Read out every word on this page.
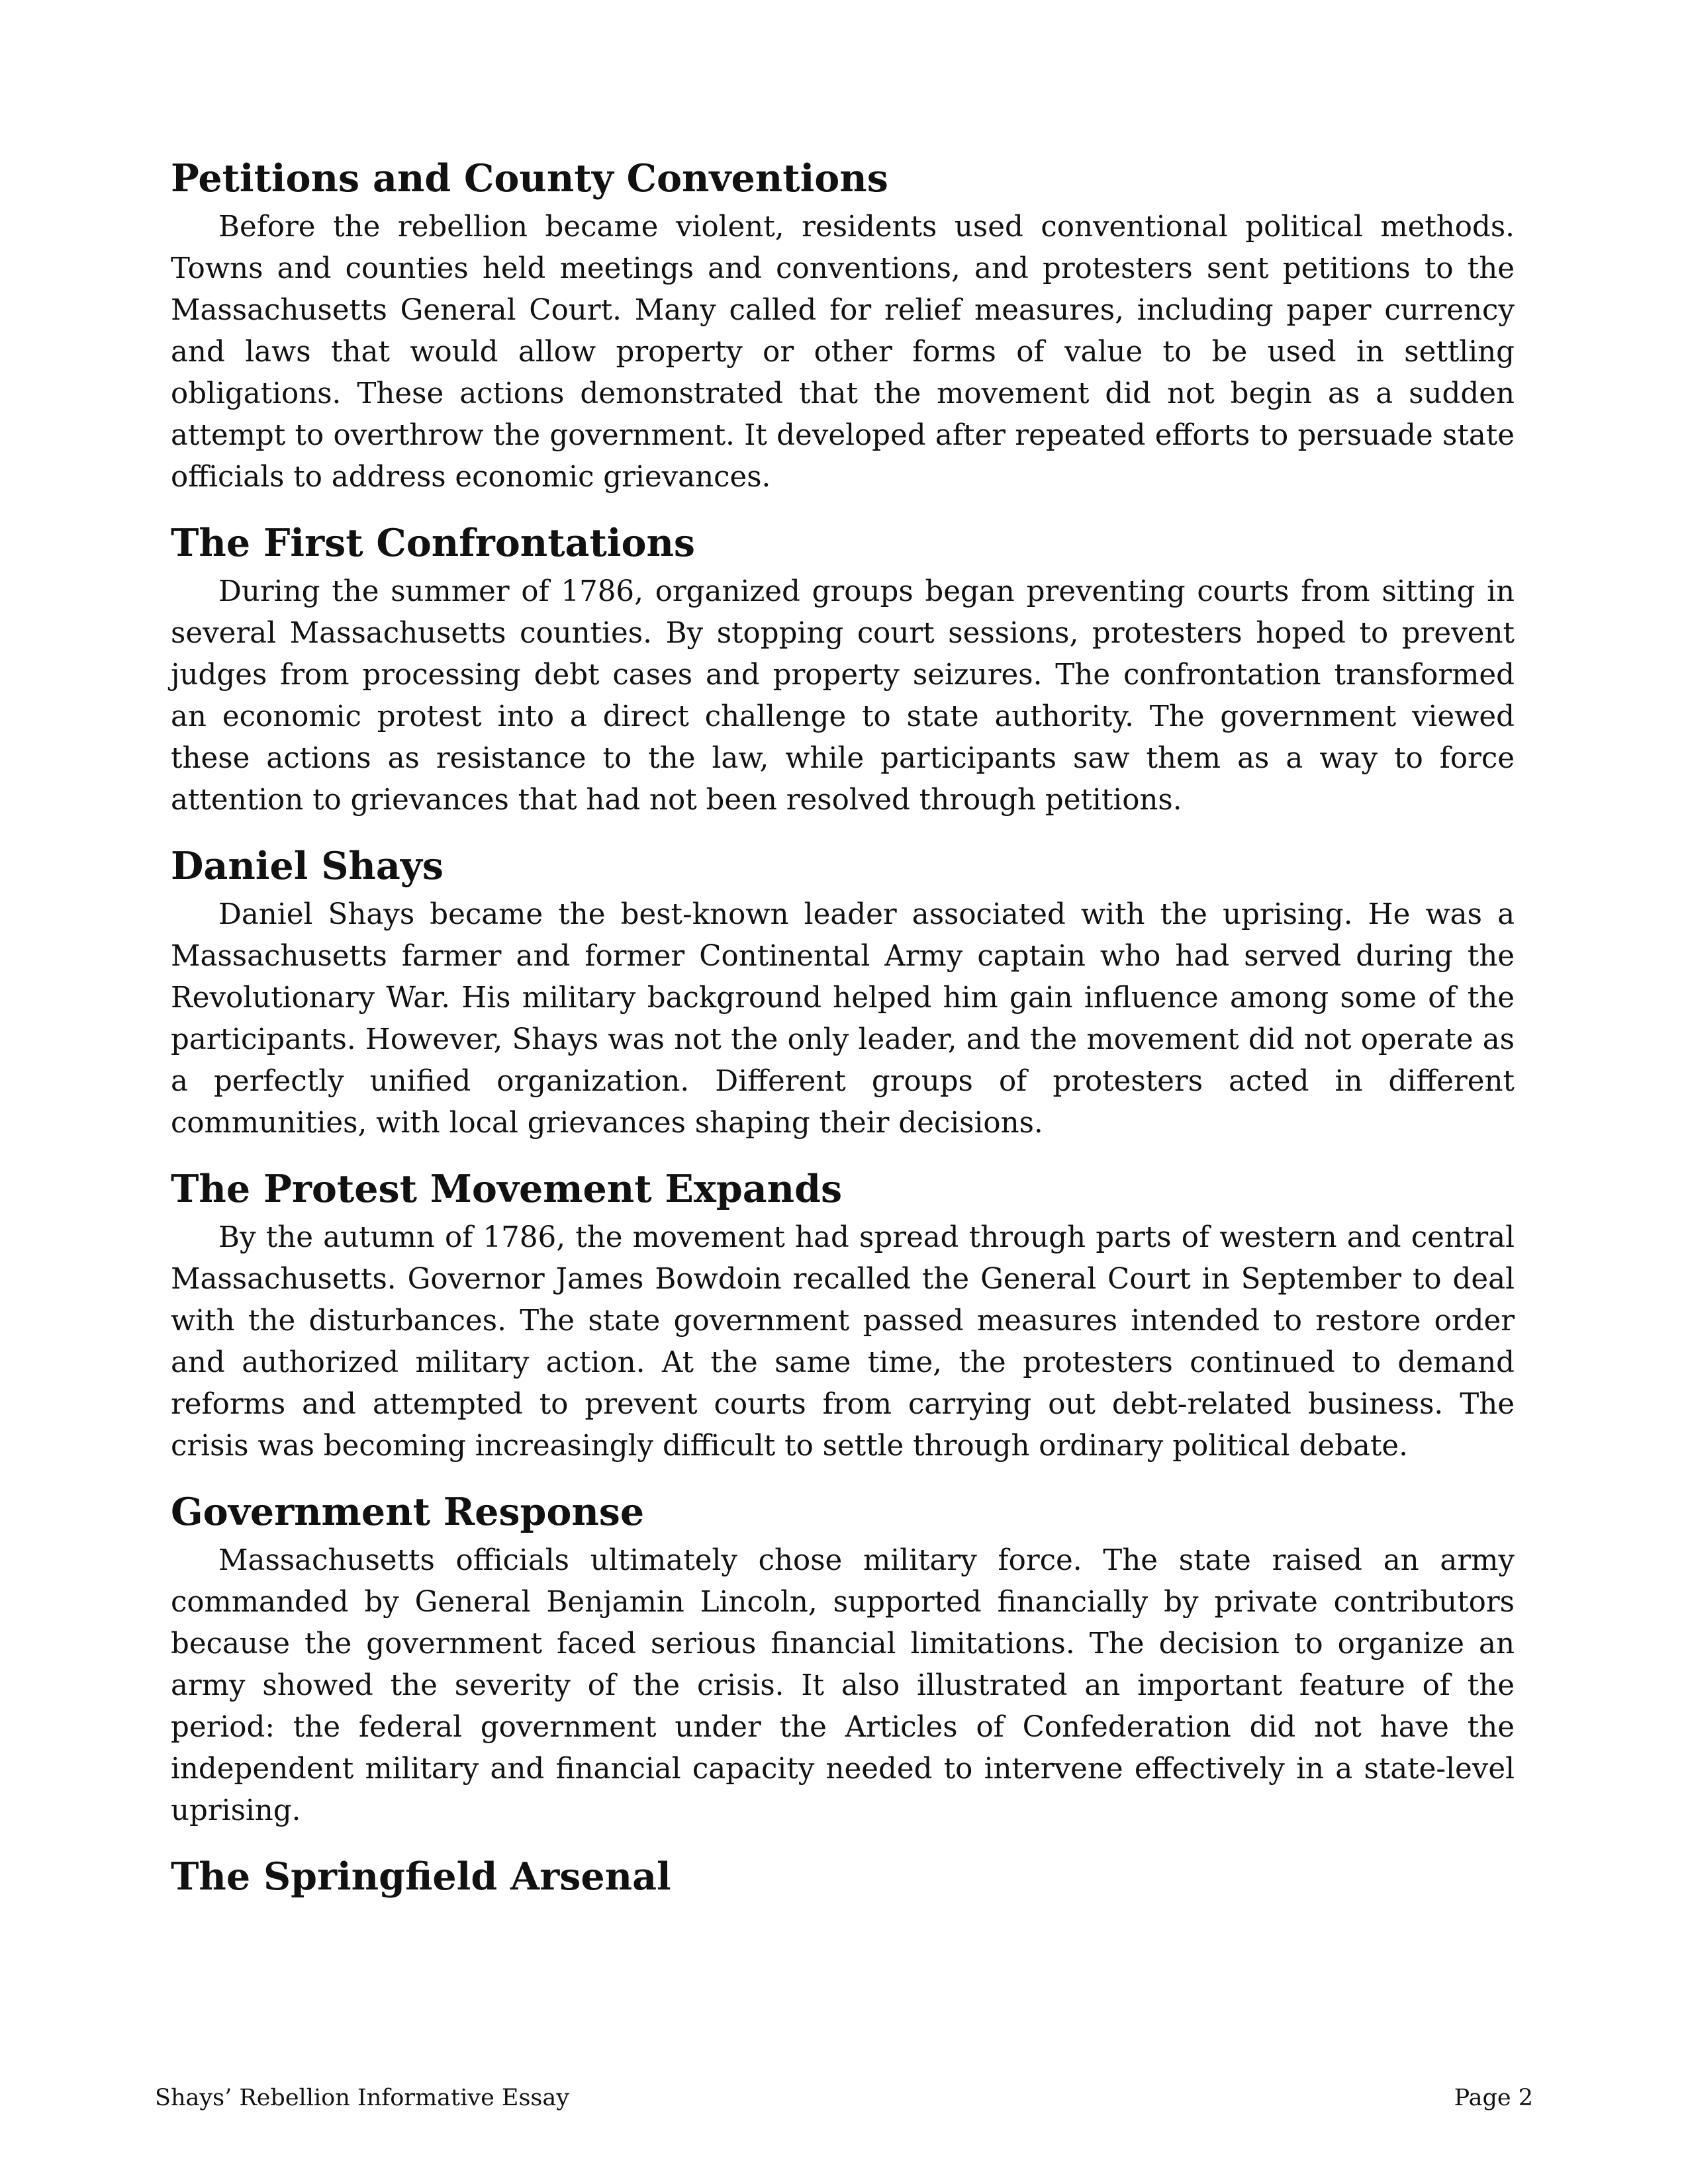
Petitions and County Conventions

Before the rebellion became violent, residents used conventional political methods. Towns and counties held meetings and conventions, and protesters sent petitions to the Massachusetts General Court. Many called for relief measures, including paper currency and laws that would allow property or other forms of value to be used in settling obligations. These actions demonstrated that the movement did not begin as a sudden attempt to overthrow the government. It developed after repeated efforts to persuade state officials to address economic grievances.

The First Confrontations

During the summer of 1786, organized groups began preventing courts from sitting in several Massachusetts counties. By stopping court sessions, protesters hoped to prevent judges from processing debt cases and property seizures. The confrontation transformed an economic protest into a direct challenge to state authority. The government viewed these actions as resistance to the law, while participants saw them as a way to force attention to grievances that had not been resolved through petitions.

Daniel Shays

Daniel Shays became the best-known leader associated with the uprising. He was a Massachusetts farmer and former Continental Army captain who had served during the Revolutionary War. His military background helped him gain influence among some of the participants. However, Shays was not the only leader, and the movement did not operate as a perfectly unified organization. Different groups of protesters acted in different communities, with local grievances shaping their decisions.

The Protest Movement Expands

By the autumn of 1786, the movement had spread through parts of western and central Massachusetts. Governor James Bowdoin recalled the General Court in September to deal with the disturbances. The state government passed measures intended to restore order and authorized military action. At the same time, the protesters continued to demand reforms and attempted to prevent courts from carrying out debt-related business. The crisis was becoming increasingly difficult to settle through ordinary political debate.

Government Response

Massachusetts officials ultimately chose military force. The state raised an army commanded by General Benjamin Lincoln, supported financially by private contributors because the government faced serious financial limitations. The decision to organize an army showed the severity of the crisis. It also illustrated an important feature of the period: the federal government under the Articles of Confederation did not have the independent military and financial capacity needed to intervene effectively in a state-level uprising.

The Springfield Arsenal
Shays’ Rebellion Informative Essay	Page 2
